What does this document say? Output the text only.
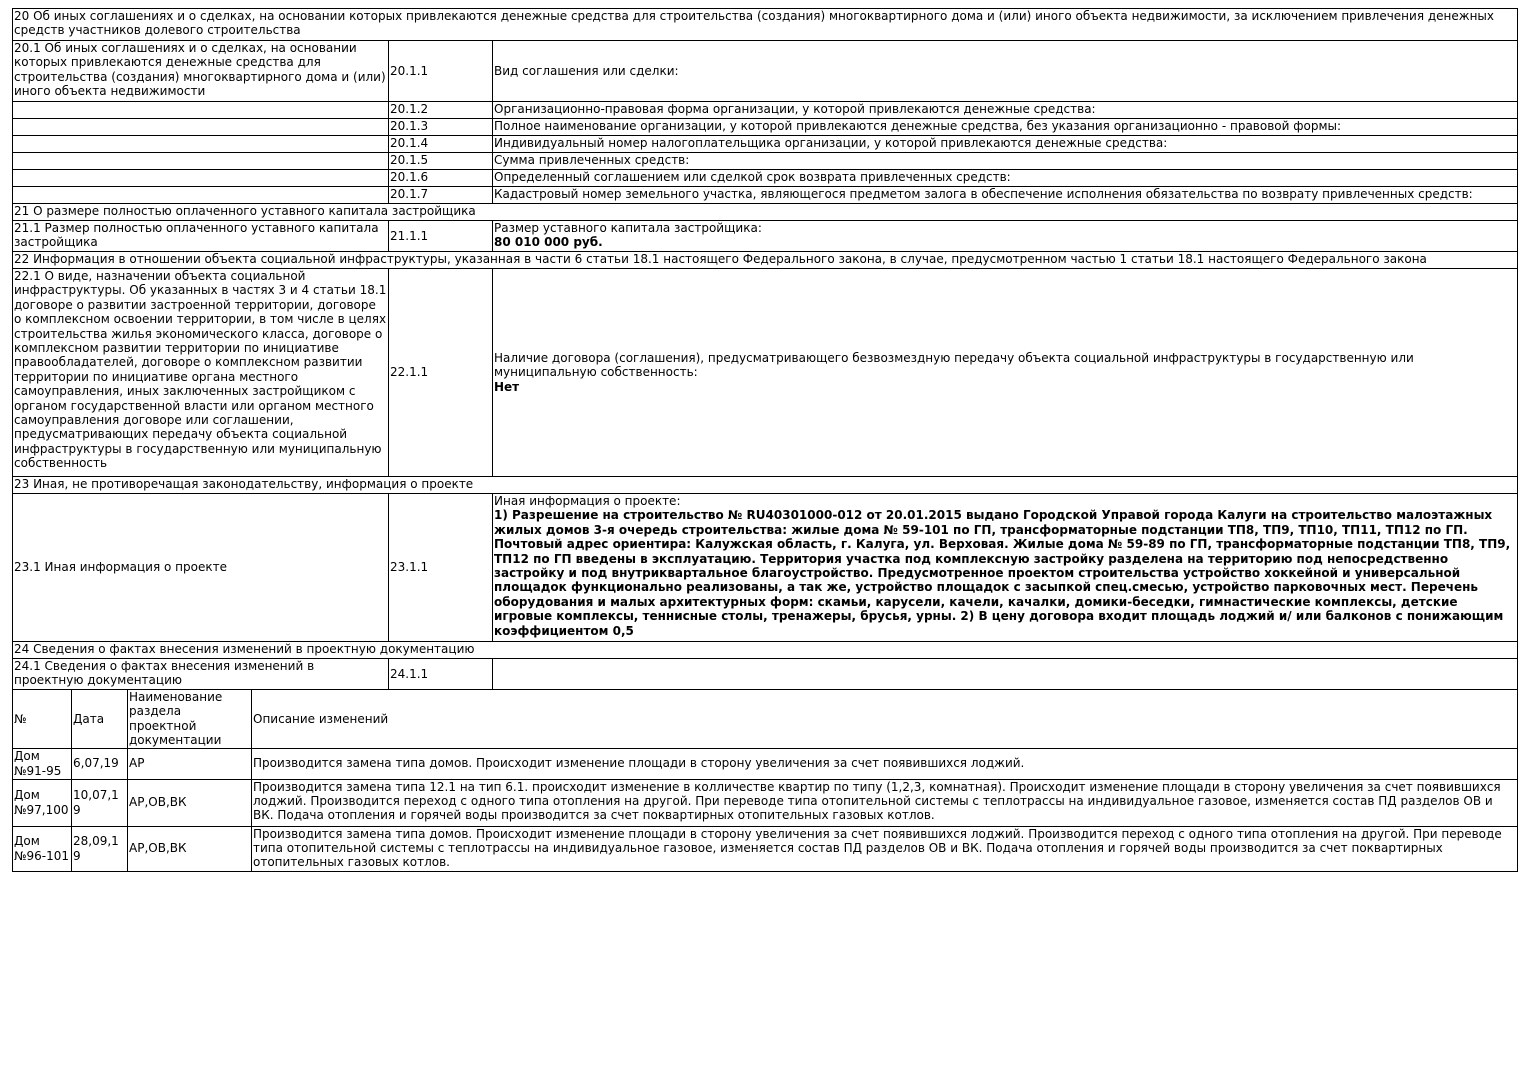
20 Об иных соглашениях и о сделках, на основании которых привлекаются денежные средства для строительства (создания) многоквартирного дома и (или) иного объекта недвижимости, за исключением привлечения денежных средств участников долевого строительства		
20.1 Об иных соглашениях и о сделках, на основании которых привлекаются денежные средства для строительства (создания) многоквартирного дома и (или) иного объекта недвижимости	20.1.1	Вид соглашения или сделки:
	20.1.2	Организационно-правовая форма организации, у которой привлекаются денежные средства:
	20.1.3	Полное наименование организации, у которой привлекаются денежные средства, без указания организационно - правовой формы:
	20.1.4	Индивидуальный номер налогоплательщика организации, у которой привлекаются денежные средства:
	20.1.5	Сумма привлеченных средств:
	20.1.6	Определенный соглашением или сделкой срок возврата привлеченных средств:
	20.1.7	Кадастровый номер земельного участка, являющегося предметом залога в обеспечение исполнения обязательства по возврату привлеченных средств:
21 О размере полностью оплаченного уставного капитала застройщика		
21.1 Размер полностью оплаченного уставного капитала застройщика	21.1.1	Размер уставного капитала застройщика:
80 010 000 руб.

22 Информация в отношении объекта социальной инфраструктуры, указанная в части 6 статьи 18.1 настоящего Федерального закона, в случае, предусмотренном частью 1 статьи 18.1 настоящего Федерального закона		
22.1 О виде, назначении объекта социальной инфраструктуры. Об указанных в частях 3 и 4 статьи 18.1 договоре о развитии застроенной территории, договоре о комплексном освоении территории, в том числе в целях строительства жилья экономического класса, договоре о комплексном развитии территории по инициативе правообладателей, договоре о комплексном развитии территории по инициативе органа местного самоуправления, иных заключенных застройщиком с органом государственной власти или органом местного самоуправления договоре или соглашении, предусматривающих передачу объекта социальной инфраструктуры в государственную или муниципальную собственность	22.1.1	Наличие договора (соглашения), предусматривающего безвозмездную передачу объекта социальной инфраструктуры в государственную или муниципальную собственность:
Нет

23 Иная, не противоречащая законодательству, информация о проекте		
23.1 Иная информация о проекте	23.1.1	Иная информация о проекте:
1) Разрешение на строительство № RU40301000-012 от 20.01.2015 выдано Городской Управой города Калуги на строительство малоэтажных жилых домов 3-я очередь строительства: жилые дома № 59-101 по ГП, трансформаторные подстанции ТП8, ТП9, ТП10, ТП11, ТП12 по ГП. Почтовый адрес ориентира: Калужская область, г. Калуга, ул. Верховая. Жилые дома № 59-89 по ГП, трансформаторные подстанции ТП8, ТП9, ТП12 по ГП введены в эксплуатацию. Территория участка под комплексную застройку разделена на территорию под непосредственно застройку и под внутриквартальное благоустройство. Предусмотренное проектом строительства устройство хоккейной и универсальной площадок функционально реализованы, а так же, устройство площадок с засыпкой спец.смесью, устройство парковочных мест. Перечень оборудования и малых архитектурных форм: скамьи, карусели, качели, качалки, домики-беседки, гимнастические комплексы, детские игровые комплексы, теннисные столы, тренажеры, брусья, урны. 2) В цену договора входит площадь лоджий и/ или балконов с понижающим коэффициентом 0,5

24 Сведения о фактах внесения изменений в проектную документацию		
24.1 Сведения о фактах внесения изменений в проектную документацию	24.1.1	
№	Дата	Наименование раздела проектной документации	Описание изменений
Дом №91-95	6,07,19	АР	Производится замена типа домов. Происходит изменение площади в сторону увеличения за счет появившихся лоджий.
Дом №97,100	10,07,19	АР,ОВ,ВК	Производится замена типа 12.1 на тип 6.1. происходит изменение в колличестве квартир по типу (1,2,3, комнатная). Происходит изменение площади в сторону увеличения за счет появившихся лоджий. Производится переход с одного типа отопления на другой. При переводе типа отопительной системы с теплотрассы на индивидуальное газовое, изменяется состав ПД разделов ОВ и ВК. Подача отопления и горячей воды производится за счет поквартирных отопительных газовых котлов.
Дом №96-101	28,09,19	АР,ОВ,ВК	Производится замена типа домов. Происходит изменение площади в сторону увеличения за счет появившихся лоджий. Производится переход с одного типа отопления на другой. При переводе типа отопительной системы с теплотрассы на индивидуальное газовое, изменяется состав ПД разделов ОВ и ВК. Подача отопления и горячей воды производится за счет поквартирных отопительных газовых котлов.
